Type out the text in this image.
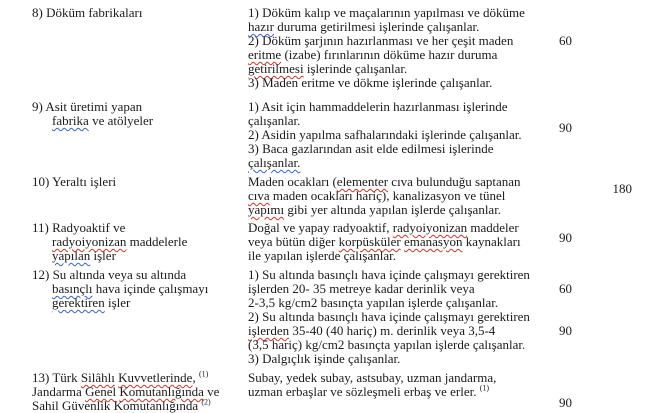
8) Döküm fabrikaları	1) Döküm kalıp ve maçalarının yapılması ve döküme
hazır duruma getirilmesi işlerinde çalışanlar.
2) Döküm şarjının hazırlanması ve her çeşit maden
eritme (izabe) fırınlarının döküme hazır duruma
getirilmesi işlerinde çalışanlar.
3) Maden eritme ve dökme işlerinde çalışanlar.
60
9) Asit üretimi yapan
fabrika ve atölyeler
1) Asit için hammaddelerin hazırlanması işlerinde
çalışanlar.
2) Asidin yapılma safhalarındaki işlerinde çalışanlar.
3) Baca gazlarından asit elde edilmesi işlerinde
çalışanlar.
90
10) Yeraltı işleri	Maden ocakları (elementer cıva bulunduğu saptanan
cıva maden ocakları hariç), kanalizasyon ve tünel
yapımı gibi yer altında yapılan işlerde çalışanlar.
180
11) Radyoaktif ve
radyoiyonizan maddelerle
yapılan işler
Doğal ve yapay radyoaktif, radyoiyonizan maddeler
veya bütün diğer korpüsküler emanasyon kaynakları
ile yapılan işlerde çalışanlar.
90
12) Su altında veya su altında
basınçlı hava içinde çalışmayı
gerektiren işler
1) Su altında basınçlı hava içinde çalışmayı gerektiren
işlerden 20- 35 metreye kadar derinlik veya
2-3,5 kg/cm2 basınçta yapılan işlerde çalışanlar.
2) Su altında basınçlı hava içinde çalışmayı gerektiren
işlerden 35-40 (40 hariç) m. derinlik veya 3,5-4
(3,5 hariç) kg/cm2 basınçta yapılan işlerde çalışanlar.
3) Dalgıçlık işinde çalışanlar.
60
90
13) Türk Silâhlı Kuvvetlerinde, $^{(1)}$
Jandarma Genel Komutanlığında ve
Sahil Güvenlik Komutanlığında $^{(2)}$
Subay, yedek subay, astsubay, uzman jandarma,
uzman erbaşlar ve sözleşmeli erbaş ve erler. $^{(1)}$
90
